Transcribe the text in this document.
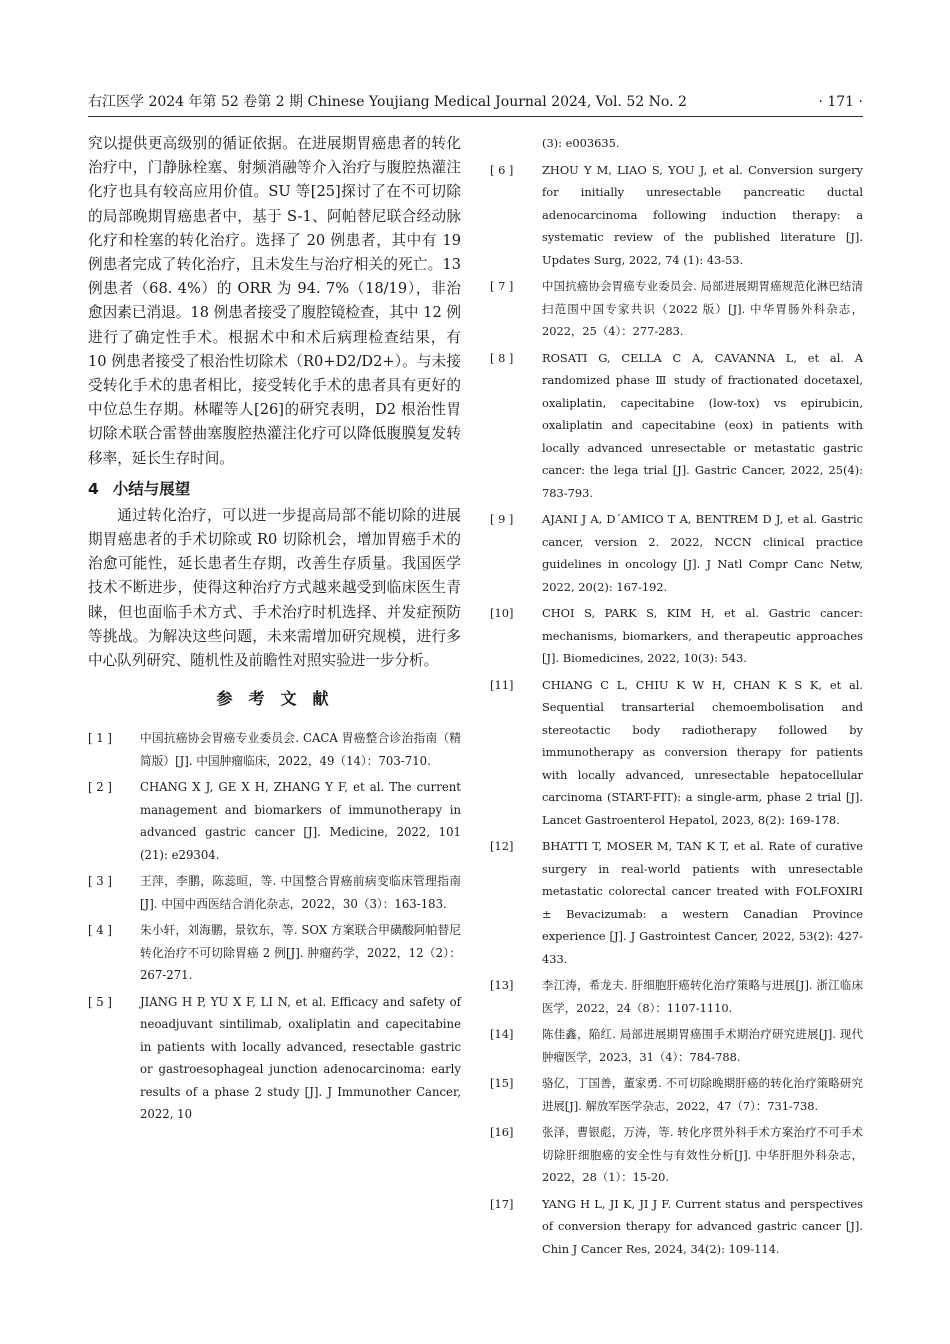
右江医学 2024 年第 52 卷第 2 期 Chinese Youjiang Medical Journal 2024, Vol. 52 No. 2	· 171 ·

究以提供更高级别的循证依据。在进展期胃癌患者的转化治疗中，门静脉栓塞、射频消融等介入治疗与腹腔热灌注化疗也具有较高应用价值。SU 等[25]探讨了在不可切除的局部晚期胃癌患者中，基于 S-1、阿帕替尼联合经动脉化疗和栓塞的转化治疗。选择了 20 例患者，其中有 19 例患者完成了转化治疗，且未发生与治疗相关的死亡。13 例患者（68. 4%）的 ORR 为 94. 7%（18/19），非治愈因素已消退。18 例患者接受了腹腔镜检查，其中 12 例进行了确定性手术。根据术中和术后病理检查结果，有 10 例患者接受了根治性切除术（R0+D2/D2+）。与未接受转化手术的患者相比，接受转化手术的患者具有更好的中位总生存期。林曜等人[26]的研究表明，D2 根治性胃切除术联合雷替曲塞腹腔热灌注化疗可以降低腹膜复发转移率，延长生存时间。

4 小结与展望

通过转化治疗，可以进一步提高局部不能切除的进展期胃癌患者的手术切除或 R0 切除机会，增加胃癌手术的治愈可能性，延长患者生存期，改善生存质量。我国医学技术不断进步，使得这种治疗方式越来越受到临床医生青睐，但也面临手术方式、手术治疗时机选择、并发症预防等挑战。为解决这些问题，未来需增加研究规模，进行多中心队列研究、随机性及前瞻性对照实验进一步分析。

参考文献
[ 1 ] 中国抗癌协会胃癌专业委员会. CACA 胃癌整合诊治指南（精简版）[J]. 中国肿瘤临床，2022，49（14）：703-710.
[ 2 ] CHANG X J, GE X H, ZHANG Y F, et al. The current management and biomarkers of immunotherapy in advanced gastric cancer [J]. Medicine, 2022, 101 (21): e29304.
[ 3 ] 王萍，李鹏，陈蕊晅，等. 中国整合胃癌前病变临床管理指南[J]. 中国中西医结合消化杂志，2022，30（3）：163-183.
[ 4 ] 朱小轩，刘海鹏，景钦东，等. SOX 方案联合甲磺酸阿帕替尼转化治疗不可切除胃癌 2 例[J]. 肿瘤药学，2022，12（2）：267-271.
[ 5 ] JIANG H P, YU X F, LI N, et al. Efficacy and safety of neoadjuvant sintilimab, oxaliplatin and capecitabine in patients with locally advanced, resectable gastric or gastroesophageal junction adenocarcinoma: early results of a phase 2 study [J]. J Immunother Cancer, 2022, 10
(3): e003635.
[ 6 ]	ZHOU Y M, LIAO S, YOU J, et al. Conversion surgery for initially unresectable pancreatic ductal adenocarcinoma following induction therapy: a systematic review of the published literature [J]. Updates Surg, 2022, 74 (1): 43-53.
[ 7 ]	中国抗癌协会胃癌专业委员会. 局部进展期胃癌规范化淋巴结清扫范围中国专家共识（2022 版）[J]. 中华胃肠外科杂志，2022，25（4）：277-283.
[ 8 ]	ROSATI G, CELLA C A, CAVANNA L, et al. A randomized phase Ⅲ study of fractionated docetaxel, oxaliplatin, capecitabine (low-tox) vs epirubicin, oxaliplatin and capecitabine (eox) in patients with locally advanced unresectable or metastatic gastric cancer: the lega trial [J]. Gastric Cancer, 2022, 25(4): 783-793.
[ 9 ]	AJANI J A, D´AMICO T A, BENTREM D J, et al. Gastric cancer, version 2. 2022, NCCN clinical practice guidelines in oncology [J]. J Natl Compr Canc Netw, 2022, 20(2): 167-192.
[10]	CHOI S, PARK S, KIM H, et al. Gastric cancer: mechanisms, biomarkers, and therapeutic approaches [J]. Biomedicines, 2022, 10(3): 543.
[11]	CHIANG C L, CHIU K W H, CHAN K S K, et al. Sequential transarterial chemoembolisation and stereotactic body radiotherapy followed by immunotherapy as conversion therapy for patients with locally advanced, unresectable hepatocellular carcinoma (START-FIT): a single-arm, phase 2 trial [J]. Lancet Gastroenterol Hepatol, 2023, 8(2): 169-178.
[12]	BHATTI T, MOSER M, TAN K T, et al. Rate of curative surgery in real-world patients with unresectable metastatic colorectal cancer treated with FOLFOXIRI ± Bevacizumab: a western Canadian Province experience [J]. J Gastrointest Cancer, 2022, 53(2): 427-433.
[13]	李江涛，希龙夫. 肝细胞肝癌转化治疗策略与进展[J]. 浙江临床医学，2022，24（8）：1107-1110.
[14]	陈佳鑫，陥红. 局部进展期胃癌围手术期治疗研究进展[J]. 现代肿瘤医学，2023，31（4）：784-788.
[15]	骆亿，丁国善，董家勇. 不可切除晚期肝癌的转化治疗策略研究进展[J]. 解放军医学杂志，2022，47（7）：731-738.
[16]	张泽，曹银彪，万涛，等. 转化序贯外科手术方案治疗不可手术切除肝细胞癌的安全性与有效性分析[J]. 中华肝胆外科杂志，2022，28（1）：15-20.
[17]	YANG H L, JI K, JI J F. Current status and perspectives of conversion therapy for advanced gastric cancer [J]. Chin J Cancer Res, 2024, 34(2): 109-114.
